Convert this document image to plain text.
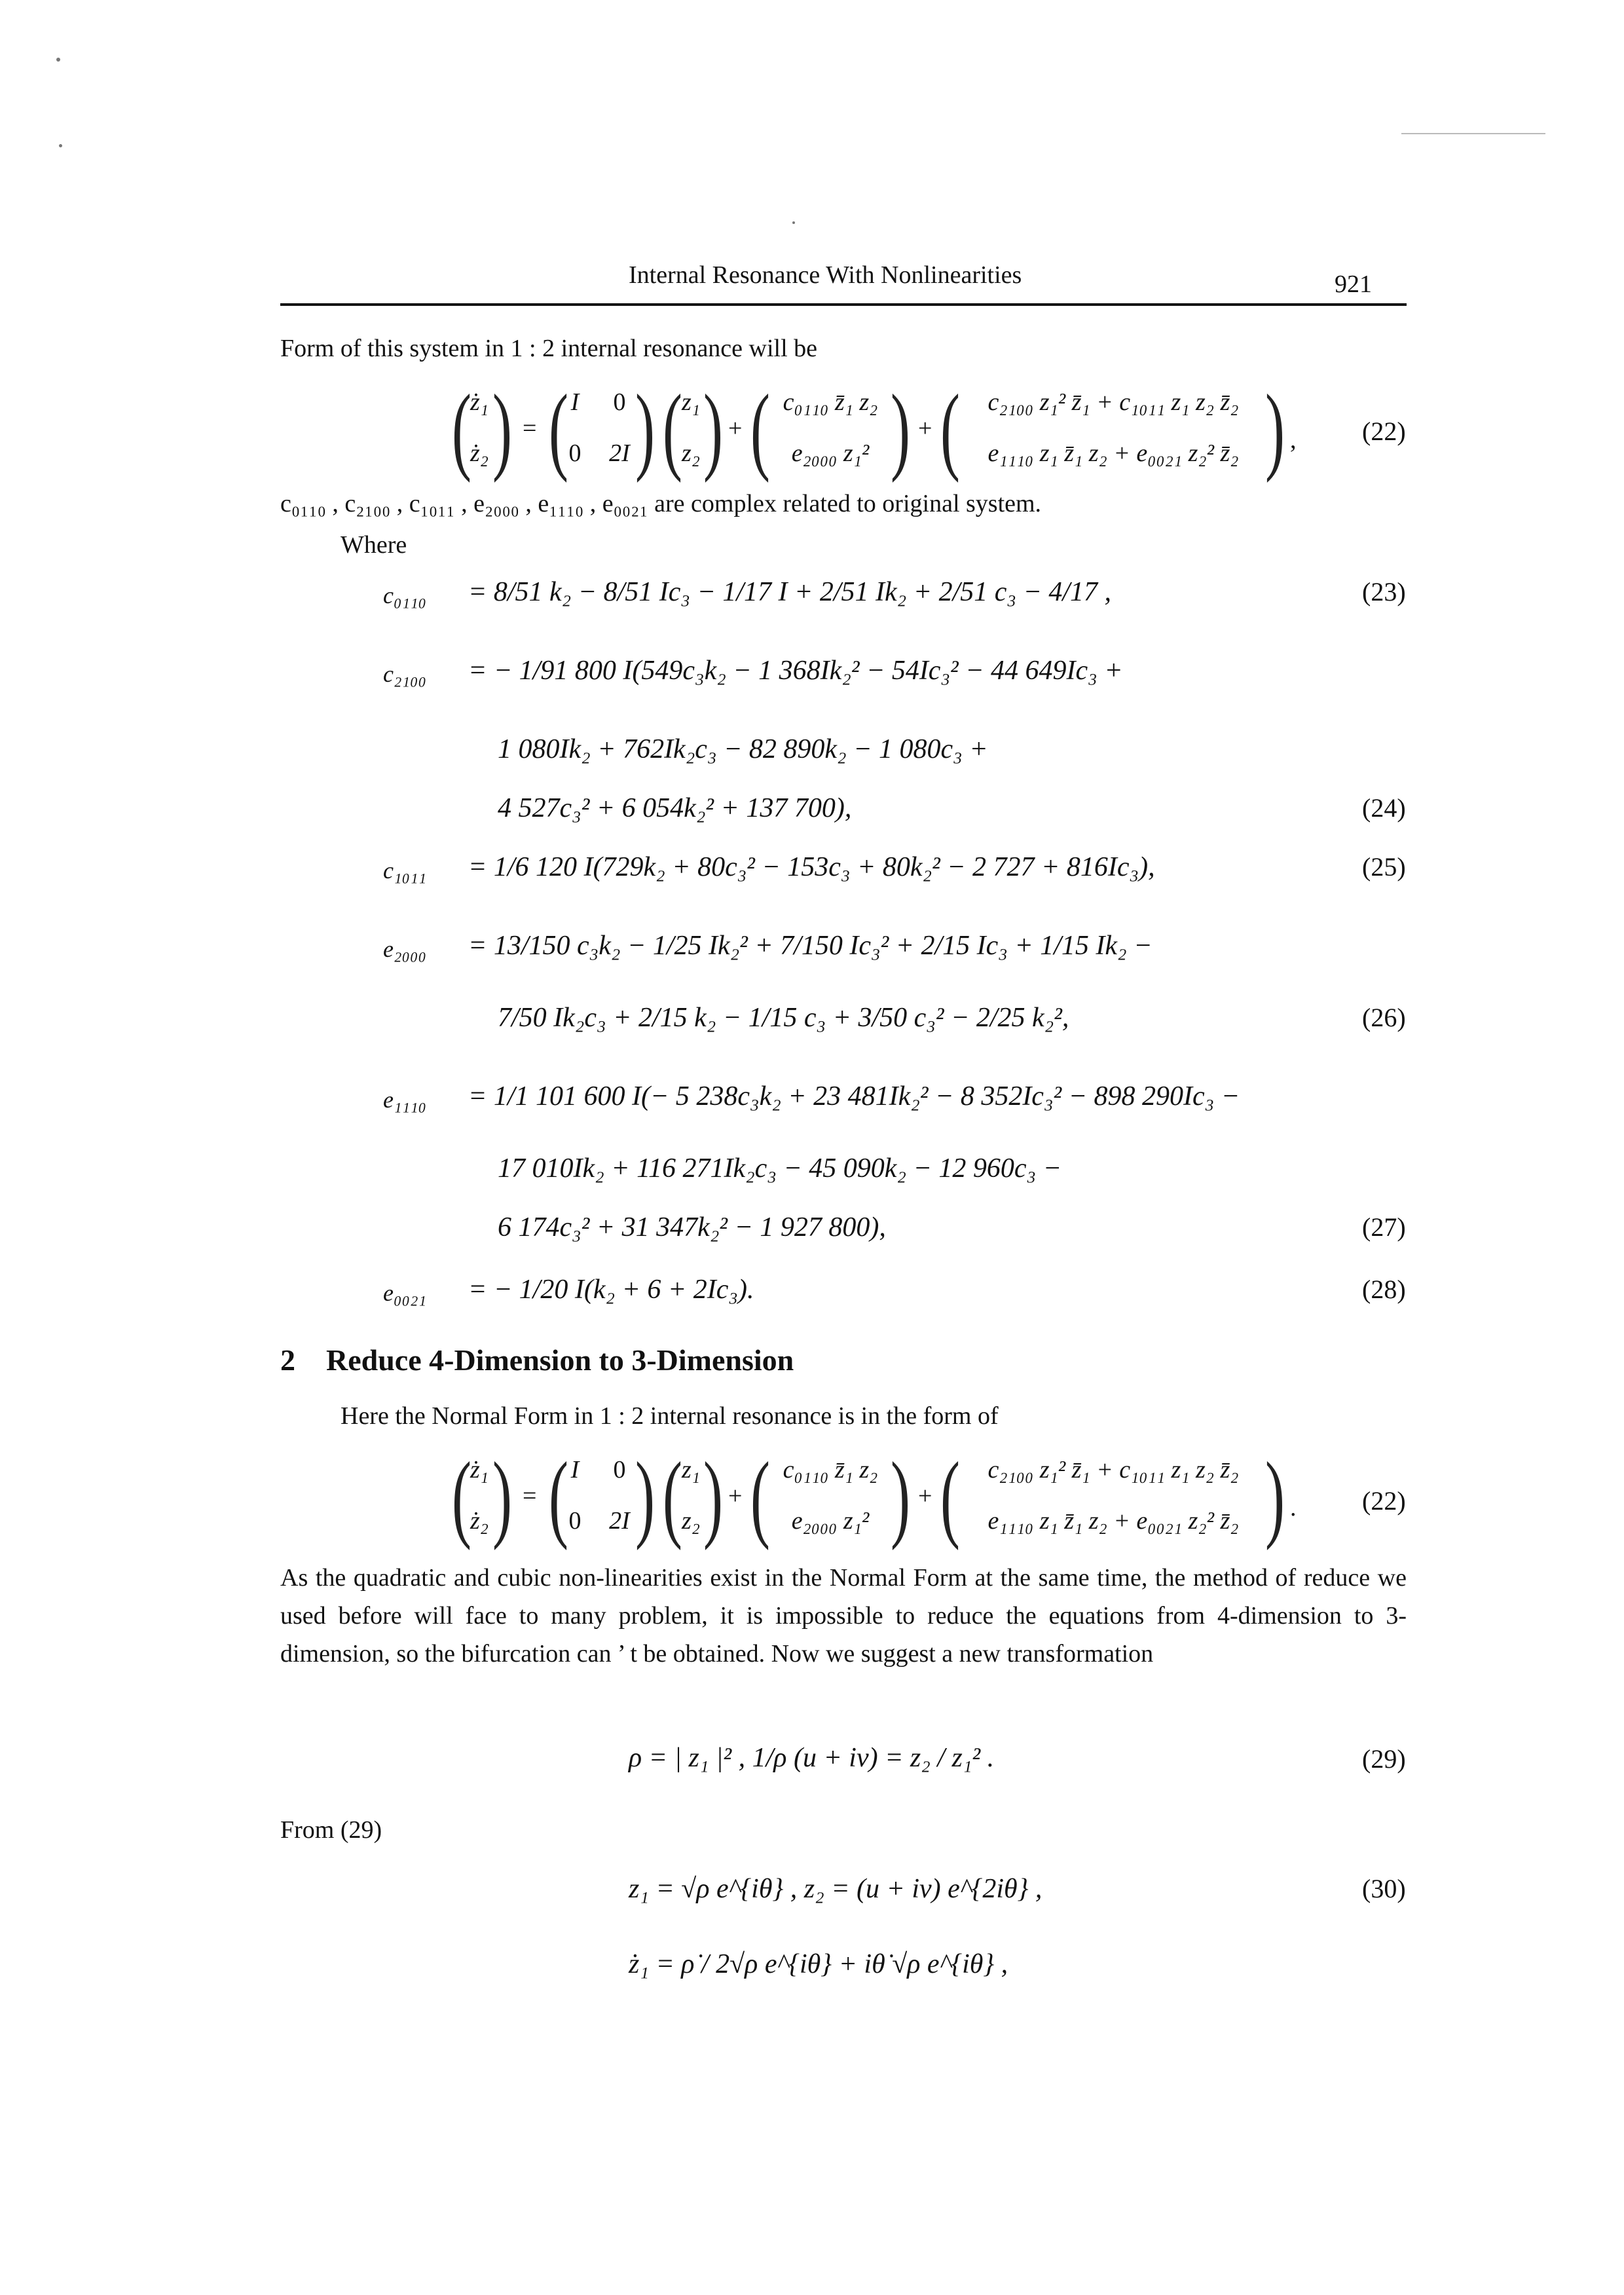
Internal Resonance With Nonlinearities	921
Form of this system in 1 : 2 internal resonance will be
(
ż₁
ż₂ ) = ( I	0
0	2I ) ( z₁
z₂ ) + ( c₀₁₁₀ z̄₁ z₂
e₂₀₀₀ z₁² ) + (	c₂₁₀₀ z₁² z̄₁ + c₁₀₁₁ z₁ z₂ z̄₂
e₁₁₁₀ z₁ z̄₁ z₂ + e₀₀₂₁ z₂² z̄₂ ) ,	(22)
c₀₁₁₀ , c₂₁₀₀ , c₁₀₁₁ , e₂₀₀₀ , e₁₁₁₀ , e₀₀₂₁ are complex related to original system.
Where
c₀₁₁₀ = 8/51 k₂ − 8/51 Ic₃ − 1/17 I + 2/51 Ik₂ + 2/51 c₃ − 4/17 ,	(23)
c₂₁₀₀ = − 1/91 800 I(549c₃k₂ − 1 368Ik₂² − 54Ic₃² − 44 649Ic₃ +
1 080Ik₂ + 762Ik₂c₃ − 82 890k₂ − 1 080c₃ +
4 527c₃² + 6 054k₂² + 137 700),	(24)
c₁₀₁₁ = 1/6 120 I(729k₂ + 80c₃² − 153c₃ + 80k₂² − 2 727 + 816Ic₃),	(25)
e₂₀₀₀ = 13/150 c₃k₂ − 1/25 Ik₂² + 7/150 Ic₃² + 2/15 Ic₃ + 1/15 Ik₂ −
7/50 Ik₂c₃ + 2/15 k₂ − 1/15 c₃ + 3/50 c₃² − 2/25 k₂²,	(26)
e₁₁₁₀ = 1/1 101 600 I(− 5 238c₃k₂ + 23 481Ik₂² − 8 352Ic₃² − 898 290Ic₃ −
17 010Ik₂ + 116 271Ik₂c₃ − 45 090k₂ − 12 960c₃ −
6 174c₃² + 31 347k₂² − 1 927 800),	(27)
e₀₀₂₁ = − 1/20 I(k₂ + 6 + 2Ic₃).	(28)
2 Reduce 4-Dimension to 3-Dimension
Here the Normal Form in 1 : 2 internal resonance is in the form of
(
ż₁
ż₂ ) = ( I	0
0	2I ) ( z₁
z₂ ) + ( c₀₁₁₀ z̄₁ z₂
e₂₀₀₀ z₁² ) + (	c₂₁₀₀ z₁² z̄₁ + c₁₀₁₁ z₁ z₂ z̄₂
e₁₁₁₀ z₁ z̄₁ z₂ + e₀₀₂₁ z₂² z̄₂ ) .	(22)
As the quadratic and cubic non-linearities exist in the Normal Form at the same time, the method of reduce we used before will face to many problem, it is impossible to reduce the equations from 4-dimension to 3-dimension, so the bifurcation can ’ t be obtained. Now we suggest a new transformation
ρ = | z₁ |² , 1/ρ (u + iv) = z₂ / z₁² .	(29)
From (29)
z₁ = √ρ e^{iθ} , z₂ = (u + iv) e^{2iθ} ,	(30)
ż₁ = ρ̇ / 2√ρ e^{iθ} + iθ̇ √ρ e^{iθ} ,
